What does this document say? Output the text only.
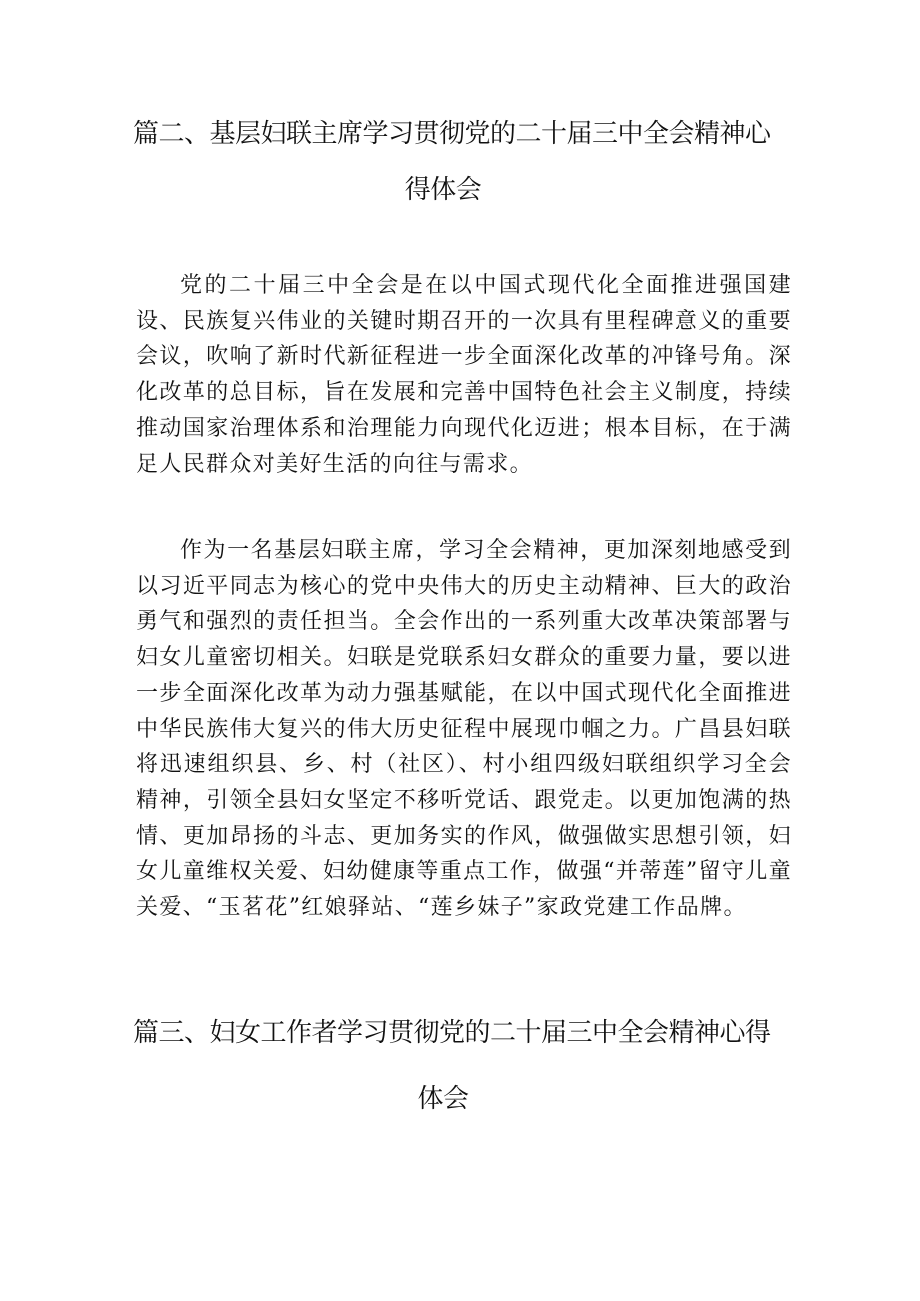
篇二、基层妇联主席学习贯彻党的二十届三中全会精神心
得体会

党的二十届三中全会是在以中国式现代化全面推进强国建设、民族复兴伟业的关键时期召开的一次具有里程碑意义的重要会议，吹响了新时代新征程进一步全面深化改革的冲锋号角。深化改革的总目标，旨在发展和完善中国特色社会主义制度，持续推动国家治理体系和治理能力向现代化迈进；根本目标，在于满足人民群众对美好生活的向往与需求。

作为一名基层妇联主席，学习全会精神，更加深刻地感受到以习近平同志为核心的党中央伟大的历史主动精神、巨大的政治勇气和强烈的责任担当。全会作出的一系列重大改革决策部署与妇女儿童密切相关。妇联是党联系妇女群众的重要力量，要以进一步全面深化改革为动力强基赋能，在以中国式现代化全面推进中华民族伟大复兴的伟大历史征程中展现巾帼之力。广昌县妇联将迅速组织县、乡、村（社区）、村小组四级妇联组织学习全会精神，引领全县妇女坚定不移听党话、跟党走。以更加饱满的热情、更加昂扬的斗志、更加务实的作风，做强做实思想引领，妇女儿童维权关爱、妇幼健康等重点工作，做强“并蒂莲”留守儿童关爱、“玉茗花”红娘驿站、“莲乡妹子”家政党建工作品牌。

篇三、妇女工作者学习贯彻党的二十届三中全会精神心得
体会
